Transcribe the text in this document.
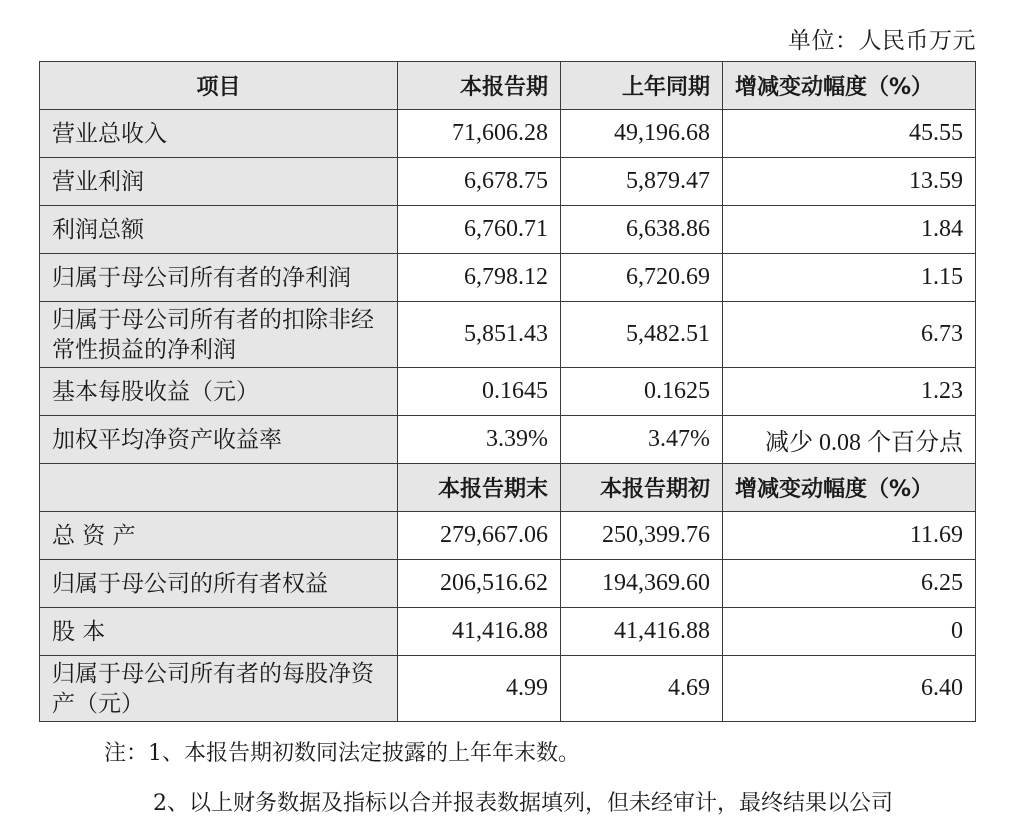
单位：人民币万元
项目	本报告期	上年同期	增减变动幅度（%）
营业总收入	71,606.28	49,196.68	45.55
营业利润	6,678.75	5,879.47	13.59
利润总额	6,760.71	6,638.86	1.84
归属于母公司所有者的净利润	6,798.12	6,720.69	1.15
归属于母公司所有者的扣除非经常性损益的净利润	5,851.43	5,482.51	6.73
基本每股收益（元）	0.1645	0.1625	1.23
加权平均净资产收益率	3.39%	3.47%	减少 0.08 个百分点
	本报告期末	本报告期初	增减变动幅度（%）
总 资 产	279,667.06	250,399.76	11.69
归属于母公司的所有者权益	206,516.62	194,369.60	6.25
股 本	41,416.88	41,416.88	0
归属于母公司所有者的每股净资产（元）	4.99	4.69	6.40
注：1、本报告期初数同法定披露的上年年末数。
2、以上财务数据及指标以合并报表数据填列，但未经审计，最终结果以公司
